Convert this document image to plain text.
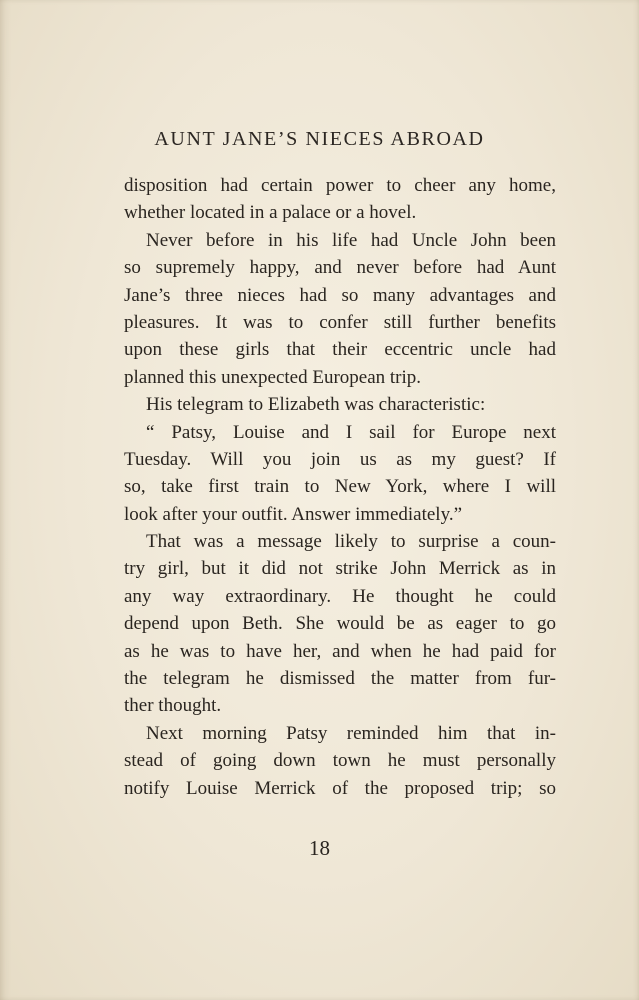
AUNT JANE’S NIECES ABROAD
disposition had certain power to cheer any home,
whether located in a palace or a hovel.
Never before in his life had Uncle John been
so supremely happy, and never before had Aunt
Jane’s three nieces had so many advantages and
pleasures. It was to confer still further benefits
upon these girls that their eccentric uncle had
planned this unexpected European trip.
His telegram to Elizabeth was characteristic:
“ Patsy, Louise and I sail for Europe next
Tuesday. Will you join us as my guest? If
so, take first train to New York, where I will
look after your outfit. Answer immediately.”
That was a message likely to surprise a coun-
try girl, but it did not strike John Merrick as in
any way extraordinary. He thought he could
depend upon Beth. She would be as eager to go
as he was to have her, and when he had paid for
the telegram he dismissed the matter from fur-
ther thought.
Next morning Patsy reminded him that in-
stead of going down town he must personally
notify Louise Merrick of the proposed trip; so
18
